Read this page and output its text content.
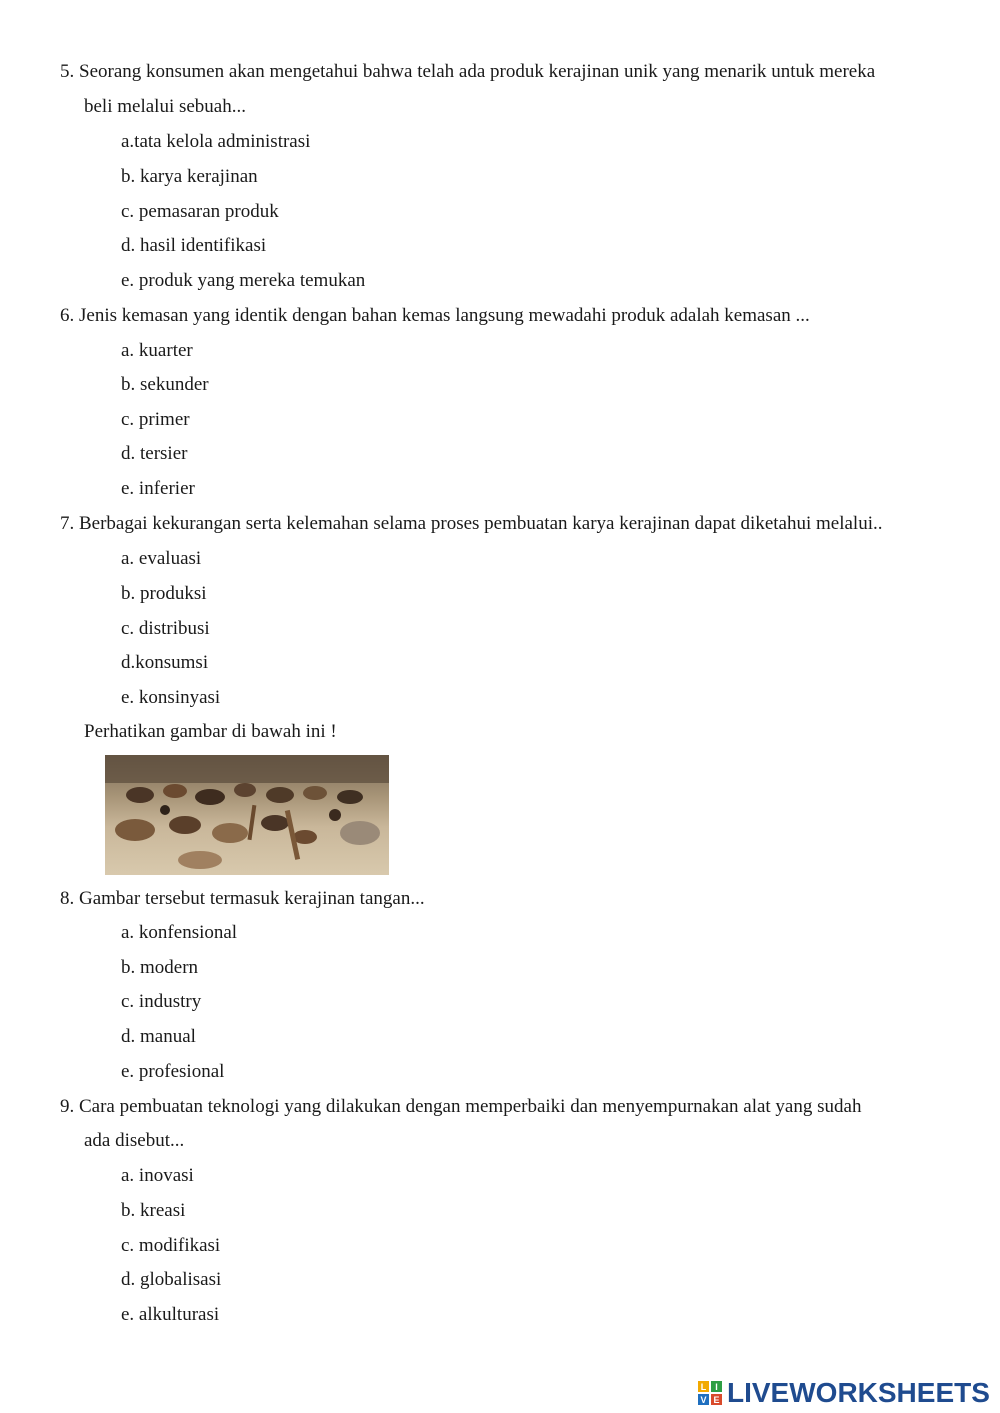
5. Seorang konsumen akan mengetahui bahwa telah ada produk kerajinan unik yang menarik untuk mereka
beli melalui sebuah...
a.tata kelola administrasi
b. karya kerajinan
c. pemasaran produk
d. hasil identifikasi
e. produk yang mereka temukan
6. Jenis kemasan yang identik dengan bahan kemas langsung mewadahi produk adalah kemasan ...
a. kuarter
b. sekunder
c. primer
d. tersier
e. inferier
7. Berbagai kekurangan serta kelemahan selama proses pembuatan karya kerajinan dapat diketahui melalui..
a. evaluasi
b. produksi
c. distribusi
d.konsumsi
e. konsinyasi
Perhatikan gambar di bawah ini !
8. Gambar tersebut termasuk kerajinan tangan...
a. konfensional
b. modern
c. industry
d. manual
e. profesional
9. Cara pembuatan teknologi yang dilakukan dengan memperbaiki dan menyempurnakan alat yang sudah
ada disebut...
a. inovasi
b. kreasi
c. modifikasi
d. globalisasi
e. alkulturasi
L I
V E LIVEWORKSHEETS
